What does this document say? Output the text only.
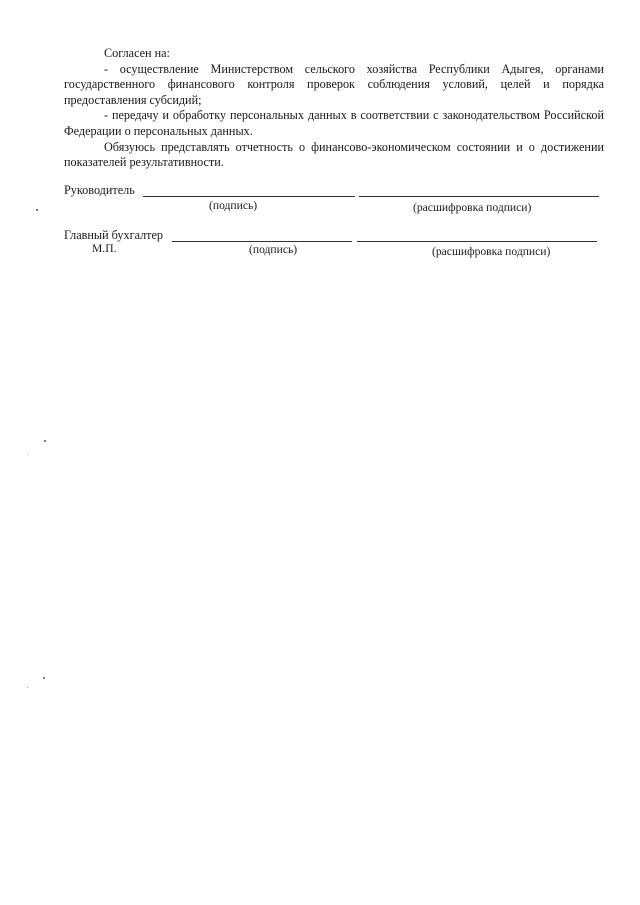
Согласен на:

- осуществление Министерством сельского хозяйства Республики Адыгея, органами государственного финансового контроля проверок соблюдения условий, целей и порядка предоставления субсидий;

- передачу и обработку персональных данных в соответствии с законодательством Российской Федерации о персональных данных.

Обязуюсь представлять отчетность о финансово-экономическом состоянии и о достижении показателей результативности.

Руководитель
(подпись)	(расшифровка подписи)
Главный бухгалтер
М.П.	(подпись)	(расшифровка подписи)
